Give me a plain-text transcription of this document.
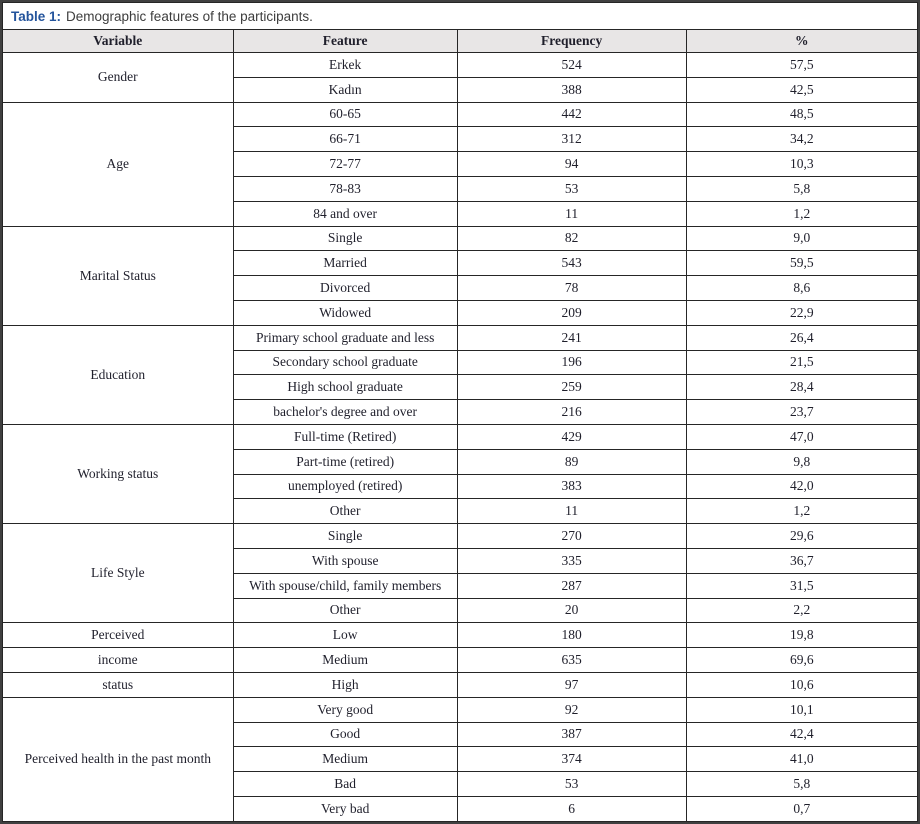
Table 1: Demographic features of the participants.			
Variable	Feature	Frequency	%
Gender	Erkek	524	57,5
	Kadın	388	42,5
Age	60-65	442	48,5
	66-71	312	34,2
	72-77	94	10,3
	78-83	53	5,8
	84 and over	11	1,2
Marital Status	Single	82	9,0
	Married	543	59,5
	Divorced	78	8,6
	Widowed	209	22,9
Education	Primary school graduate and less	241	26,4
	Secondary school graduate	196	21,5
	High school graduate	259	28,4
	bachelor's degree and over	216	23,7
Working status	Full-time (Retired)	429	47,0
	Part-time (retired)	89	9,8
	unemployed (retired)	383	42,0
	Other	11	1,2
Life Style	Single	270	29,6
	With spouse	335	36,7
	With spouse/child, family members	287	31,5
	Other	20	2,2
Perceived	Low	180	19,8
income	Medium	635	69,6
status	High	97	10,6
Perceived health in the past month	Very good	92	10,1
	Good	387	42,4
	Medium	374	41,0
	Bad	53	5,8
	Very bad	6	0,7
